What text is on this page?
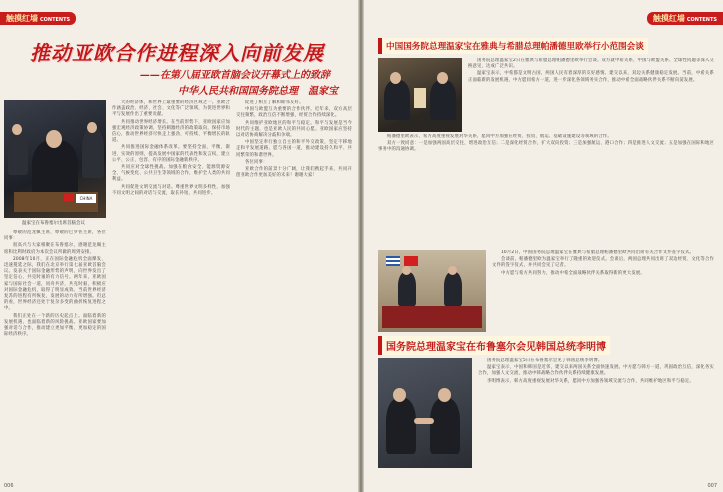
触摸红墙 CONTENTS
推动亚欧合作进程深入向前发展
——在第八届亚欧首脑会议开幕式上的致辞
中华人民共和国国务院总理　温家宝
CHINA
温家宝在布鲁塞尔出席首脑会议

尊敬的范龙佩主席，尊敬的巴罗佐主席，各位同事：

很高兴与大家相聚在布鲁塞尔，感谢范龙佩主席和比利时政府为本次会议所做的周到安排。

2008年10月，正在国际金融危机全面爆发、迅速蔓延之际，我们在北京举行第七届亚欧首脑会议。发表关于国际金融形势的声明，向世界发出了坚定信心、共克时艰的有力信号。两年来，亚欧国家与国际社会一道，同舟共济，共克时艰，积极应对国际金融危机，取得了明显成效。当前世界经济复苏的进程有所恢复，发展的动力有所增强。但总的看，世界经济还处于复杂多变的曲折恢复进程之中。

我们正处在一个新的历史起点上。面临着新的发展机遇，也面临着新的风险挑战。亚欧国家要加强对话与合作，推动建立更加平衡、更加稳定的国际经济秩序。

大的经济体，和世界上最重要的经济区域之一。亚欧合作涵盖政治、经济、社会、文化等广泛领域，为促进世界和平与发展作出了重要贡献。

共同推动世界经济增长。在当前形势下，亚欧国家应加强宏观经济政策协调，坚持刺激经济的政策取向，保持市场信心，推动世界经济尽快走上强劲、可持续、平衡增长的轨道。

共同推进国际金融体系改革。要坚持全面、平衡、渐进、实效的原则，提高发展中国家的代表性和发言权，建立公平、公正、包容、有序的国际金融新秩序。

共同应对全球性挑战。加强在粮食安全、能源资源安全、气候变化、公共卫生等领域的合作，维护全人类的共同利益。

共同促进文明交流与对话。尊重世界文明多样性，加强不同文明之间的对话与交流，取长补短，共同进步。

促进了相互了解和睦邻友好。

中国与欧盟互为重要的合作伙伴。近年来，双方高层交往频繁，政治互信不断增强，经贸合作持续深化。

共同维护亚欧地区的和平与稳定。和平与发展是当今时代的主题，也是亚欧人民的共同心愿。亚欧国家应坚持以对话协商解决分歧和争端。

中国坚定奉行独立自主的和平外交政策，坚定不移地走和平发展道路，愿与各国一道，推动建设持久和平、共同繁荣的和谐世界。

各位同事：

亚欧合作的前景十分广阔，让我们携起手来，共同开创亚欧合作更加美好的未来！谢谢大家！

006
触摸红墙 CONTENTS
中国国务院总理温家宝在雅典与希腊总理帕潘德里欧举行小范围会谈

国务院总理温家宝2日在雅典与希腊总理帕潘德里欧举行会谈。双方就中希关系、中国与欧盟关系、全球性问题等深入交换意见，达成广泛共识。

温家宝表示，中希都是文明古国，两国人民有着深厚的友好感情。建交以来，双边关系健康稳定发展。当前，中希关系正面临新的发展机遇，中方愿同希方一道，进一步深化各领域务实合作，推动中希全面战略伙伴关系不断向前发展。

帕潘德里欧表示，希方高度重视发展对华关系，愿同中方加强在经贸、投资、航运、基础设施建设等领域的合作。

双方一致同意：一是加强两国高层交往，增进政治互信；二是深化经贸合作，扩大双向投资；三是加强航运、港口合作；四是推进人文交流；五是加强在国际和地区事务中的沟通协调。

10月2日，中国国务院总理温家宝在雅典与希腊总理帕潘德里欧共同出席有关合作文件签字仪式。

会谈前，帕潘德里欧为温家宝举行了隆重的欢迎仪式。会谈后，两国总理共同出席了双边经贸、文化等合作文件的签字仪式，并共同会见了记者。

中方愿与希方共同努力，推动中希全面战略伙伴关系取得新的更大发展。

国务院总理温家宝在布鲁塞尔会见韩国总统李明博

国务院总理温家宝5日在布鲁塞尔会见了韩国总统李明博。

温家宝表示，中国和韩国是近邻，建交以来两国关系全面快速发展。中方愿与韩方一道，巩固政治互信，深化务实合作，加强人文交流，推动中韩战略合作伙伴关系持续健康发展。

李明博表示，韩方高度重视发展对华关系，愿同中方加强各领域交流与合作，共同维护地区和平与稳定。

007
